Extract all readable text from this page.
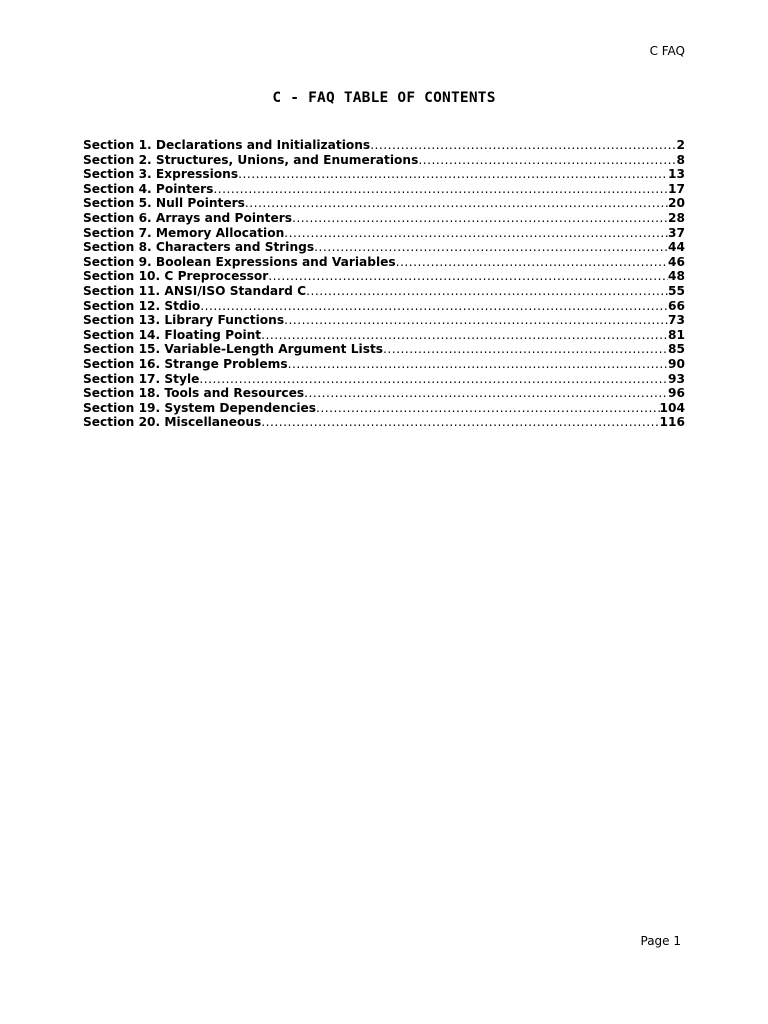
C FAQ
C - FAQ TABLE OF CONTENTS
Section 1. Declarations and Initializations .....	2
Section 2. Structures, Unions, and Enumerations .....	8
Section 3. Expressions .....	13
Section 4. Pointers .....	17
Section 5. Null Pointers .....	20
Section 6. Arrays and Pointers .....	28
Section 7. Memory Allocation .....	37
Section 8. Characters and Strings .....	44
Section 9. Boolean Expressions and Variables .....	46
Section 10. C Preprocessor .....	48
Section 11. ANSI/ISO Standard C .....	55
Section 12. Stdio .....	66
Section 13. Library Functions .....	73
Section 14. Floating Point .....	81
Section 15. Variable-Length Argument Lists .....	85
Section 16. Strange Problems .....	90
Section 17. Style .....	93
Section 18. Tools and Resources .....	96
Section 19. System Dependencies .....	104
Section 20. Miscellaneous .....	116
Page 1
